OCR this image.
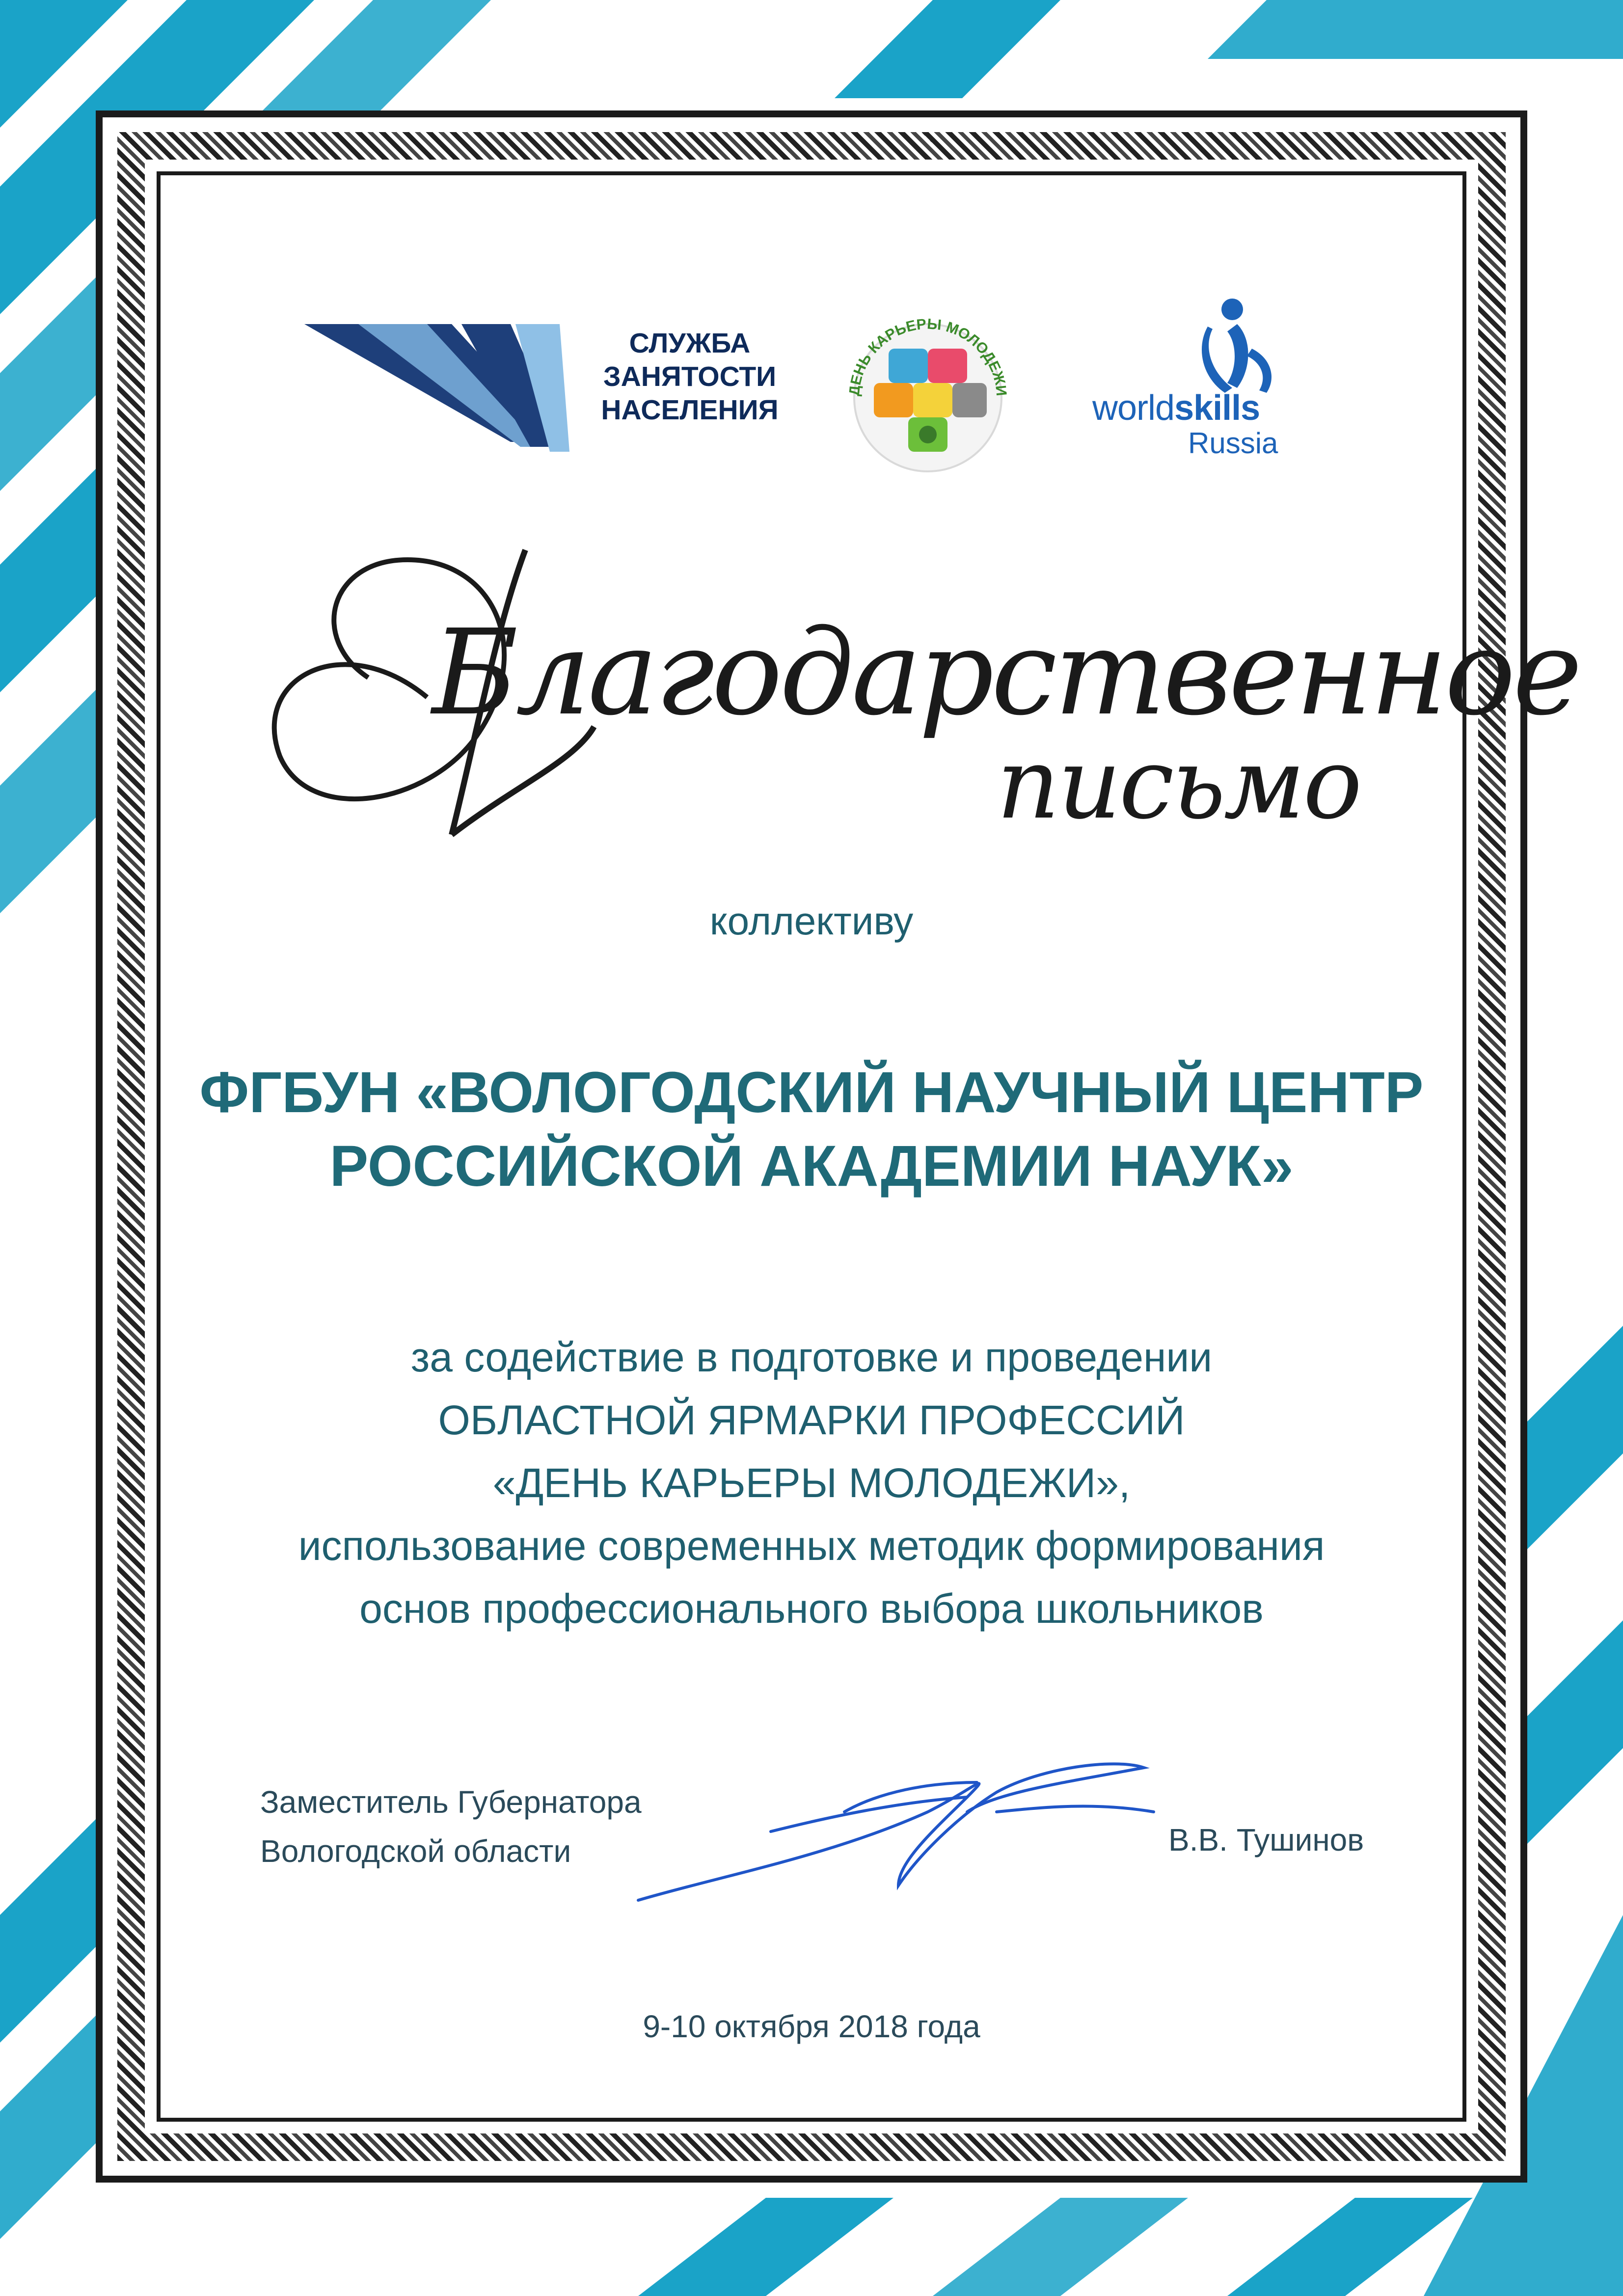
СЛУЖБА
ЗАНЯТОСТИ
НАСЕЛЕНИЯ
ДЕНЬ КАРЬЕРЫ МОЛОДЕЖИ worldskills
Russia
Благодарственное
письмо
коллективу
ФГБУН «ВОЛОГОДСКИЙ НАУЧНЫЙ ЦЕНТР
РОССИЙСКОЙ АКАДЕМИИ НАУК»
за содействие в подготовке и проведении
ОБЛАСТНОЙ ЯРМАРКИ ПРОФЕССИЙ
«ДЕНЬ КАРЬЕРЫ МОЛОДЕЖИ»,
использование современных методик формирования
основ профессионального выбора школьников
Заместитель Губернатора
Вологодской области	В.В. Тушинов
9-10 октября 2018 года
